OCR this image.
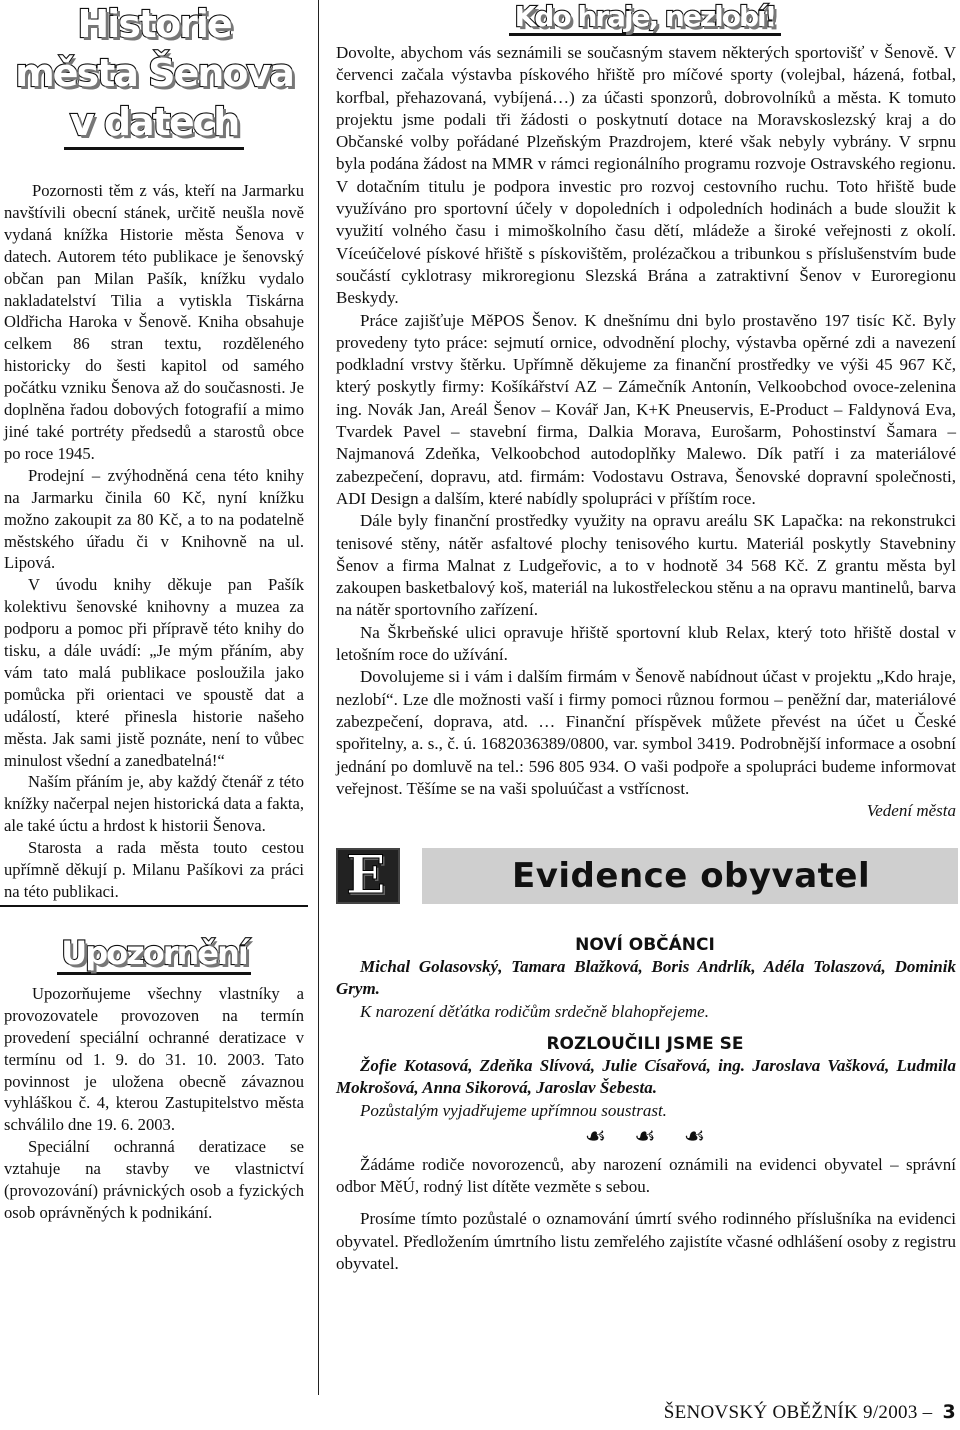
Historie
města Šenova
v datech

Pozornosti těm z vás, kteří na Jarmarku navštívili obecní stánek, určitě neušla nově vydaná knížka Historie města Šenova v datech. Autorem této publikace je šenovský občan pan Milan Pašík, knížku vydalo nakladatelství Tilia a vytiskla Tiskárna Oldřicha Haroka v Šenově. Kniha obsahuje celkem 86 stran textu, rozděleného historicky do šesti kapitol od samého počátku vzniku Šenova až do současnosti. Je doplněna řadou dobových fotografií a mimo jiné také portréty předsedů a starostů obce po roce 1945.

Prodejní – zvýhodněná cena této knihy na Jarmarku činila 60 Kč, nyní knížku možno zakoupit za 80 Kč, a to na podatelně městského úřadu či v Knihovně na ul. Lipová.

V úvodu knihy děkuje pan Pašík kolektivu šenovské knihovny a muzea za podporu a pomoc při přípravě této knihy do tisku, a dále uvádí: „Je mým přáním, aby vám tato malá publikace posloužila jako pomůcka při orientaci ve spoustě dat a událostí, které přinesla historie našeho města. Jak sami jistě poznáte, není to vůbec minulost všední a zanedbatelná!“

Naším přáním je, aby každý čtenář z této knížky načerpal nejen historická data a fakta, ale také úctu a hrdost k historii Šenova.

Starosta a rada města touto cestou upřímně děkují p. Milanu Pašíkovi za práci na této publikaci.

Upozornění

Upozorňujeme všechny vlastníky a provozovatele provozoven na termín provedení speciální ochranné deratizace v termínu od 1. 9. do 31. 10. 2003. Tato povinnost je uložena obecně závaznou vyhláškou č. 4, kterou Zastupitelstvo města schválilo dne 19. 6. 2003.

Speciální ochranná deratizace se vztahuje na stavby ve vlastnictví (provozování) právnických osob a fyzických osob oprávněných k podnikání.

Kdo hraje, nezlobí!

Dovolte, abychom vás seznámili se současným stavem některých sportovišť v Šenově. V červenci začala výstavba pískového hřiště pro míčové sporty (volejbal, házená, fotbal, korfbal, přehazovaná, vybíjená…) za účasti sponzorů, dobrovolníků a města. K tomuto projektu jsme podali tři žádosti o poskytnutí dotace na Moravskoslezský kraj a do Občanské volby pořádané Plzeňským Prazdrojem, které však nebyly vybrány. V srpnu byla podána žádost na MMR v rámci regionálního programu rozvoje Ostravského regionu. V dotačním titulu je podpora investic pro rozvoj cestovního ruchu. Toto hřiště bude využíváno pro sportovní účely v dopoledních i odpoledních hodinách a bude sloužit k využití volného času i mimoškolního času dětí, mládeže a široké veřejnosti z okolí. Víceúčelové pískové hřiště s pískovištěm, prolézačkou a tribunkou s příslušenstvím bude součástí cyklotrasy mikroregionu Slezská Brána a zatraktivní Šenov v Euroregionu Beskydy.

Práce zajišťuje MěPOS Šenov. K dnešnímu dni bylo prostavěno 197 tisíc Kč. Byly provedeny tyto práce: sejmutí ornice, odvodnění plochy, výstavba opěrné zdi a navezení podkladní vrstvy štěrku. Upřímně děkujeme za finanční prostředky ve výši 45 967 Kč, který poskytly firmy: Košíkářství AZ – Zámečník Antonín, Velkoobchod ovoce-zelenina ing. Novák Jan, Areál Šenov – Kovář Jan, K+K Pneuservis, E-Product – Faldynová Eva, Tvardek Pavel – stavební firma, Dalkia Morava, Eurošarm, Pohostinství Šamara – Najmanová Zdeňka, Velkoobchod autodoplňky Malewo. Dík patří i za materiálové zabezpečení, dopravu, atd. firmám: Vodostavu Ostrava, Šenovské dopravní společnosti, ADI Design a dalším, které nabídly spolupráci v příštím roce.

Dále byly finanční prostředky využity na opravu areálu SK Lapačka: na rekonstrukci tenisové stěny, nátěr asfaltové plochy tenisového kurtu. Materiál poskytly Stavebniny Šenov a firma Malnat z Ludgeřovic, a to v hodnotě 34 568 Kč. Z grantu města byl zakoupen basketbalový koš, materiál na lukostřeleckou stěnu a na opravu mantinelů, barva na nátěr sportovního zařízení.

Na Škrbeňské ulici opravuje hřiště sportovní klub Relax, který toto hřiště dostal v letošním roce do užívání.

Dovolujeme si i vám i dalším firmám v Šenově nabídnout účast v projektu „Kdo hraje, nezlobí“. Lze dle možnosti vaší i firmy pomoci různou formou – peněžní dar, materiálové zabezpečení, doprava, atd. … Finanční příspěvek můžete převést na účet u České spořitelny, a. s., č. ú. 1682036389/0800, var. symbol 3419. Podrobnější informace a osobní jednání po domluvě na tel.: 596 805 934. O vaši podpoře a spolupráci budeme informovat veřejnost. Těšíme se na vaši spoluúčast a vstřícnost.

Vedení města
E	Evidence obyvatel
NOVÍ OBČÁNCI

Michal Golasovský, Tamara Blažková, Boris Andrlík, Adéla Tolaszová, Dominik Grym.

K narození děťátka rodičům srdečně blahopřejeme.

ROZLOUČILI JSME SE

Žofie Kotasová, Zdeňka Slívová, Julie Císařová, ing. Jaroslava Vašková, Ludmila Mokrošová, Anna Sikorová, Jaroslav Šebesta.

Pozůstalým vyjadřujeme upřímnou soustrast.

☙☙☙

Žádáme rodiče novorozenců, aby narození oznámili na evidenci obyvatel – správní odbor MěÚ, rodný list dítěte vezměte s sebou.

Prosíme tímto pozůstalé o oznamování úmrtí svého rodinného příslušníka na evidenci obyvatel. Předložením úmrtního listu zemřelého zajistíte včasné odhlášení osoby z registru obyvatel.

ŠENOVSKÝ OBĚŽNÍK 9/2003 – 3
